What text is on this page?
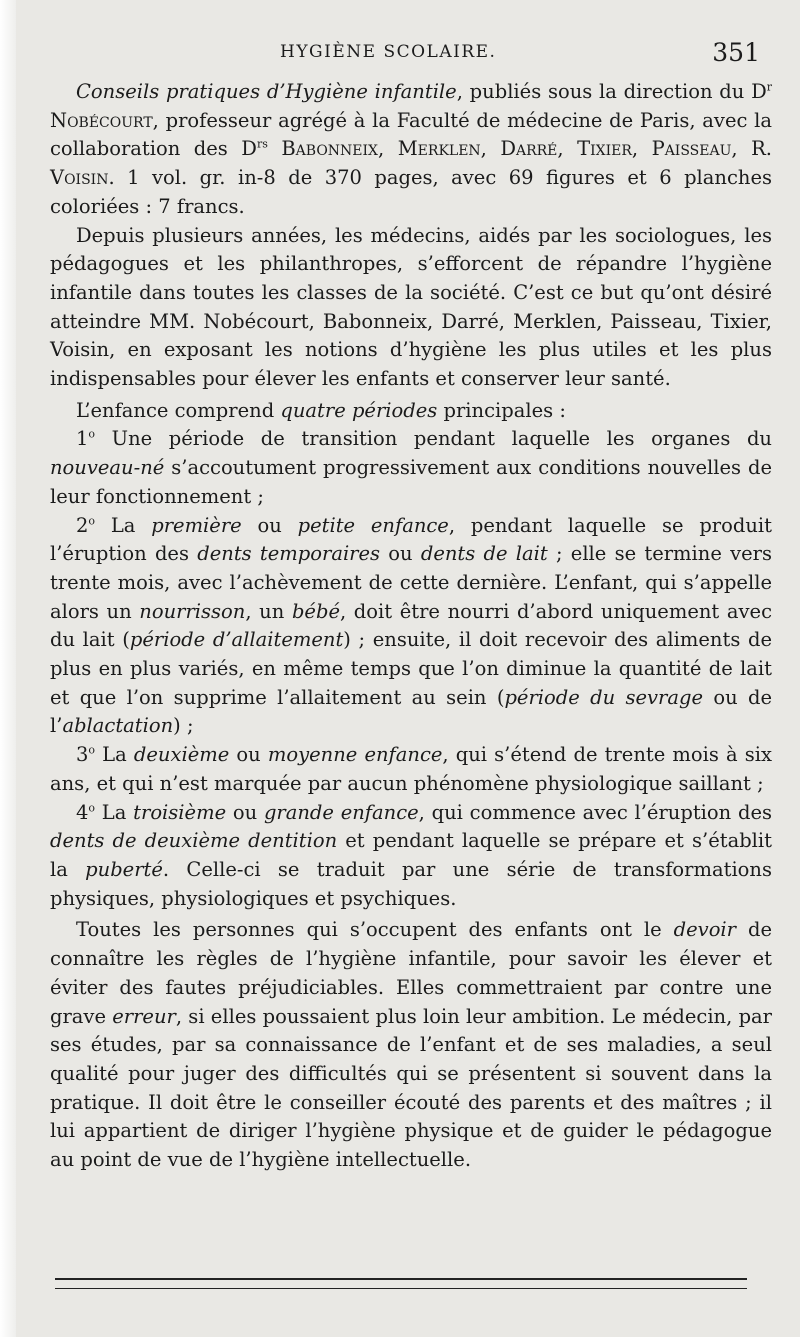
HYGIÈNE SCOLAIRE.	351

Conseils pratiques d’Hygiène infantile, publiés sous la direction du $D^r$ Nobécourt, professeur agrégé à la Faculté de médecine de Paris, avec la collaboration des $D^{rs}$ Babonneix, Merklen, Darré, Tixier, Paisseau, R. Voisin. 1 vol. gr. in-8 de 370 pages, avec 69 figures et 6 planches coloriées : 7 francs.

Depuis plusieurs années, les médecins, aidés par les sociologues, les pédagogues et les philanthropes, s’efforcent de répandre l’hygiène infantile dans toutes les classes de la société. C’est ce but qu’ont désiré atteindre MM. Nobécourt, Babonneix, Darré, Merklen, Paisseau, Tixier, Voisin, en exposant les notions d’hygiène les plus utiles et les plus indispensables pour élever les enfants et conserver leur santé.

L’enfance comprend quatre périodes principales :

1$^o$ Une période de transition pendant laquelle les organes du nouveau-né s’accoutument progressivement aux conditions nouvelles de leur fonctionnement ;

2$^o$ La première ou petite enfance, pendant laquelle se produit l’éruption des dents temporaires ou dents de lait ; elle se termine vers trente mois, avec l’achèvement de cette dernière. L’enfant, qui s’appelle alors un nourrisson, un bébé, doit être nourri d’abord uniquement avec du lait (période d’allaitement) ; ensuite, il doit recevoir des aliments de plus en plus variés, en même temps que l’on diminue la quantité de lait et que l’on supprime l’allaitement au sein (période du sevrage ou de l’ablactation) ;

3$^o$ La deuxième ou moyenne enfance, qui s’étend de trente mois à six ans, et qui n’est marquée par aucun phénomène physiologique saillant ;

4$^o$ La troisième ou grande enfance, qui commence avec l’éruption des dents de deuxième dentition et pendant laquelle se prépare et s’établit la puberté. Celle-ci se traduit par une série de transformations physiques, physiologiques et psychiques.

Toutes les personnes qui s’occupent des enfants ont le devoir de connaître les règles de l’hygiène infantile, pour savoir les élever et éviter des fautes préjudiciables. Elles commettraient par contre une grave erreur, si elles poussaient plus loin leur ambition. Le médecin, par ses études, par sa connaissance de l’enfant et de ses maladies, a seul qualité pour juger des difficultés qui se présentent si souvent dans la pratique. Il doit être le conseiller écouté des parents et des maîtres ; il lui appartient de diriger l’hygiène physique et de guider le pédagogue au point de vue de l’hygiène intellectuelle.
